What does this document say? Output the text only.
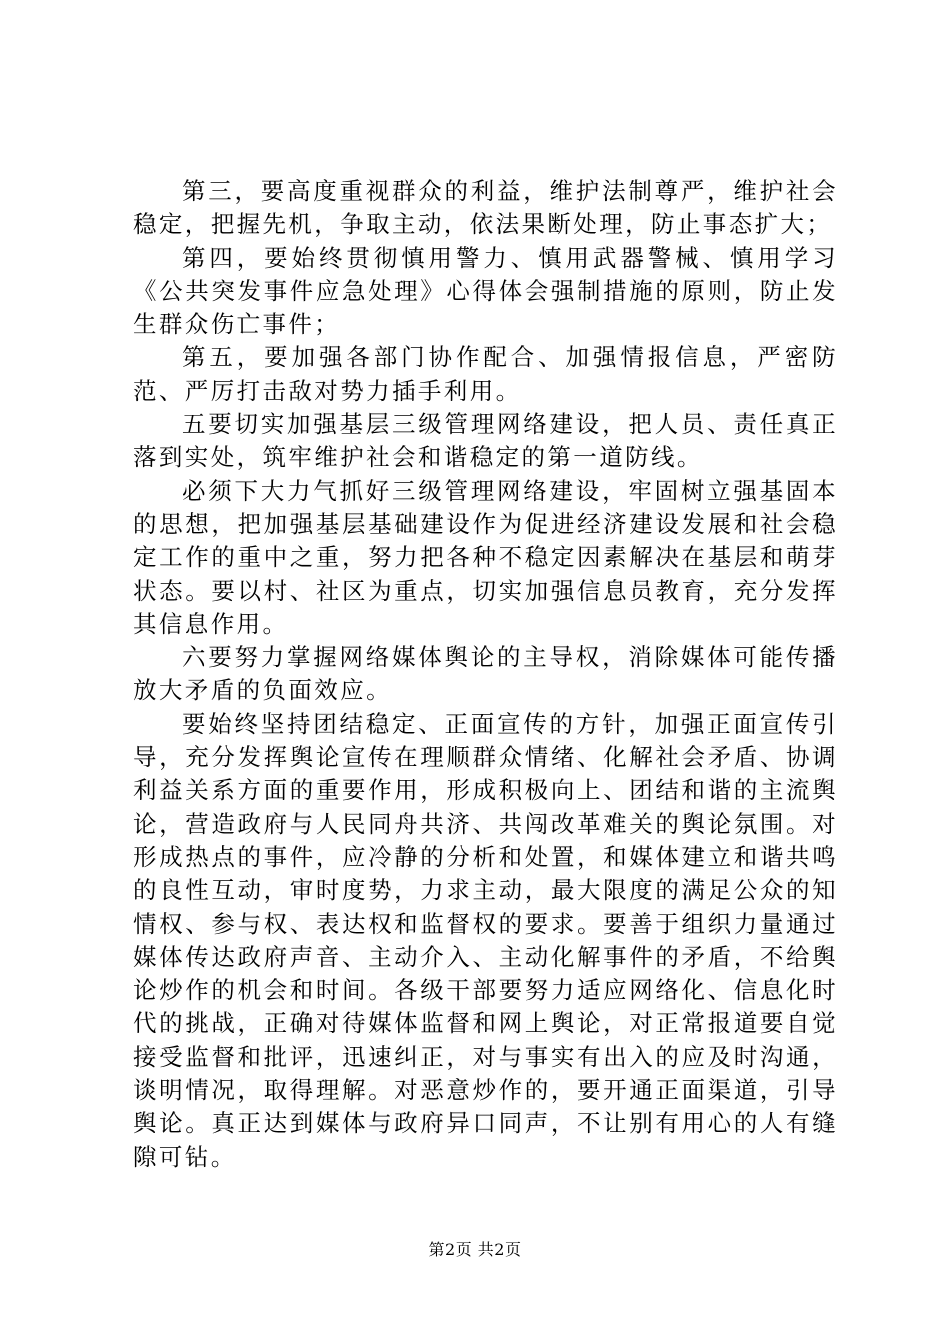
第三，要高度重视群众的利益，维护法制尊严，维护社会稳定，把握先机，争取主动，依法果断处理，防止事态扩大；

第四，要始终贯彻慎用警力、慎用武器警械、慎用学习《公共突发事件应急处理》心得体会强制措施的原则，防止发生群众伤亡事件；

第五，要加强各部门协作配合、加强情报信息，严密防范、严厉打击敌对势力插手利用。

五要切实加强基层三级管理网络建设，把人员、责任真正落到实处，筑牢维护社会和谐稳定的第一道防线。

必须下大力气抓好三级管理网络建设，牢固树立强基固本的思想，把加强基层基础建设作为促进经济建设发展和社会稳定工作的重中之重，努力把各种不稳定因素解决在基层和萌芽状态。要以村、社区为重点，切实加强信息员教育，充分发挥其信息作用。

六要努力掌握网络媒体舆论的主导权，消除媒体可能传播放大矛盾的负面效应。

要始终坚持团结稳定、正面宣传的方针，加强正面宣传引导，充分发挥舆论宣传在理顺群众情绪、化解社会矛盾、协调利益关系方面的重要作用，形成积极向上、团结和谐的主流舆论，营造政府与人民同舟共济、共闯改革难关的舆论氛围。对形成热点的事件，应冷静的分析和处置，和媒体建立和谐共鸣的良性互动，审时度势，力求主动，最大限度的满足公众的知情权、参与权、表达权和监督权的要求。要善于组织力量通过媒体传达政府声音、主动介入、主动化解事件的矛盾，不给舆论炒作的机会和时间。各级干部要努力适应网络化、信息化时代的挑战，正确对待媒体监督和网上舆论，对正常报道要自觉接受监督和批评，迅速纠正，对与事实有出入的应及时沟通，谈明情况，取得理解。对恶意炒作的，要开通正面渠道，引导舆论。真正达到媒体与政府异口同声，不让别有用心的人有缝隙可钻。

第2页 共2页
